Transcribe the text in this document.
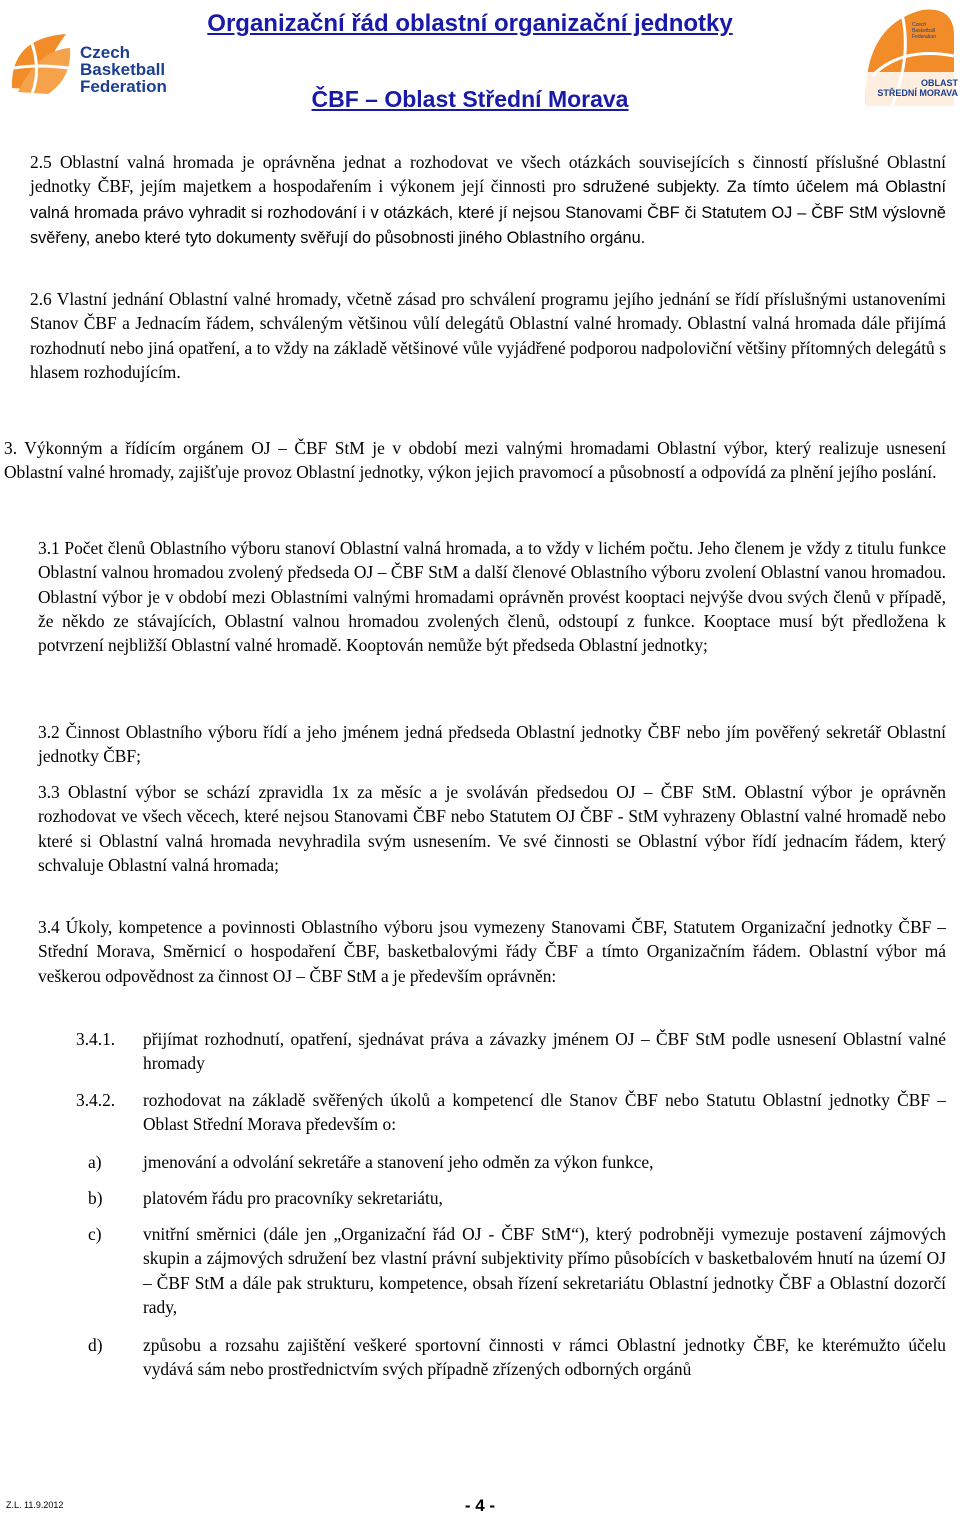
Czech
Basketball
Federation
Organizační řád oblastní organizační jednotky
ČBF – Oblast Střední Morava
Czech
Basketball
Federation
OBLAST
STŘEDNÍ MORAVA
2.5 Oblastní valná hromada je oprávněna jednat a rozhodovat ve všech otázkách souvisejících s činností příslušné Oblastní jednotky ČBF, jejím majetkem a hospodařením i výkonem její činnosti pro sdružené subjekty. Za tímto účelem má Oblastní valná hromada právo vyhradit si rozhodování i v otázkách, které jí nejsou Stanovami ČBF či Statutem OJ – ČBF StM výslovně svěřeny, anebo které tyto dokumenty svěřují do působnosti jiného Oblastního orgánu.
2.6 Vlastní jednání Oblastní valné hromady, včetně zásad pro schválení programu jejího jednání se řídí příslušnými ustanoveními Stanov ČBF a Jednacím řádem, schváleným většinou vůlí delegátů Oblastní valné hromady. Oblastní valná hromada dále přijímá rozhodnutí nebo jiná opatření, a to vždy na základě většinové vůle vyjádřené podporou nadpoloviční většiny přítomných delegátů s hlasem rozhodujícím.
3. Výkonným a řídícím orgánem OJ – ČBF StM je v období mezi valnými hromadami Oblastní výbor, který realizuje usnesení Oblastní valné hromady, zajišťuje provoz Oblastní jednotky, výkon jejich pravomocí a působností a odpovídá za plnění jejího poslání.
3.1 Počet členů Oblastního výboru stanoví Oblastní valná hromada, a to vždy v lichém počtu. Jeho členem je vždy z titulu funkce Oblastní valnou hromadou zvolený předseda OJ – ČBF StM a další členové Oblastního výboru zvolení Oblastní vanou hromadou. Oblastní výbor je v období mezi Oblastními valnými hromadami oprávněn provést kooptaci nejvýše dvou svých členů v případě, že někdo ze stávajících, Oblastní valnou hromadou zvolených členů, odstoupí z funkce. Kooptace musí být předložena k potvrzení nejbližší Oblastní valné hromadě. Kooptován nemůže být předseda Oblastní jednotky;
3.2 Činnost Oblastního výboru řídí a jeho jménem jedná předseda Oblastní jednotky ČBF nebo jím pověřený sekretář Oblastní jednotky ČBF;
3.3 Oblastní výbor se schází zpravidla 1x za měsíc a je svoláván předsedou OJ – ČBF StM. Oblastní výbor je oprávněn rozhodovat ve všech věcech, které nejsou Stanovami ČBF nebo Statutem OJ ČBF - StM vyhrazeny Oblastní valné hromadě nebo které si Oblastní valná hromada nevyhradila svým usnesením. Ve své činnosti se Oblastní výbor řídí jednacím řádem, který schvaluje Oblastní valná hromada;
3.4 Úkoly, kompetence a povinnosti Oblastního výboru jsou vymezeny Stanovami ČBF, Statutem Organizační jednotky ČBF – Střední Morava, Směrnicí o hospodaření ČBF, basketbalovými řády ČBF a tímto Organizačním řádem. Oblastní výbor má veškerou odpovědnost za činnost OJ – ČBF StM a je především oprávněn:
3.4.1. přijímat rozhodnutí, opatření, sjednávat práva a závazky jménem OJ – ČBF StM podle usnesení Oblastní valné hromady
3.4.2. rozhodovat na základě svěřených úkolů a kompetencí dle Stanov ČBF nebo Statutu Oblastní jednotky ČBF – Oblast Střední Morava především o:
a) jmenování a odvolání sekretáře a stanovení jeho odměn za výkon funkce,
b) platovém řádu pro pracovníky sekretariátu,
c) vnitřní směrnici (dále jen „Organizační řád OJ - ČBF StM“), který podrobněji vymezuje postavení zájmových skupin a zájmových sdružení bez vlastní právní subjektivity přímo působících v basketbalovém hnutí na území OJ – ČBF StM a dále pak strukturu, kompetence, obsah řízení sekretariátu Oblastní jednotky ČBF a Oblastní dozorčí rady,
d) způsobu a rozsahu zajištění veškeré sportovní činnosti v rámci Oblastní jednotky ČBF, ke kterémužto účelu vydává sám nebo prostřednictvím svých případně zřízených odborných orgánů
Z.L. 11.9.2012	- 4 -
